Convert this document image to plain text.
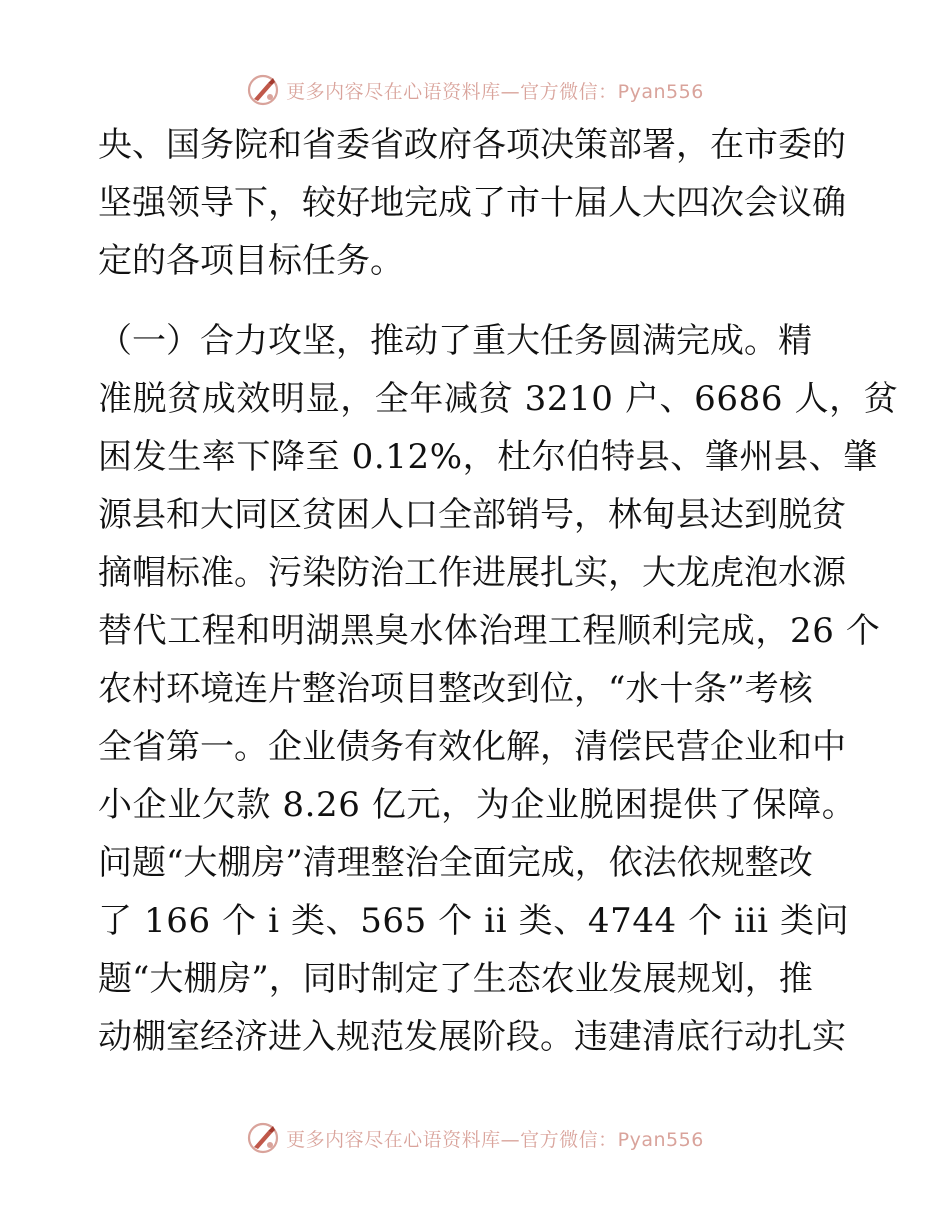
更多内容尽在心语资料库—官方微信：Pyan556
央、国务院和省委省政府各项决策部署，在市委的
坚强领导下，较好地完成了市十届人大四次会议确
定的各项目标任务。
（一）合力攻坚，推动了重大任务圆满完成。精
准脱贫成效明显，全年减贫 3210 户、6686 人，贫
困发生率下降至 0.12%，杜尔伯特县、肇州县、肇
源县和大同区贫困人口全部销号，林甸县达到脱贫
摘帽标准。污染防治工作进展扎实，大龙虎泡水源
替代工程和明湖黑臭水体治理工程顺利完成，26 个
农村环境连片整治项目整改到位，“水十条”考核
全省第一。企业债务有效化解，清偿民营企业和中
小企业欠款 8.26 亿元，为企业脱困提供了保障。
问题“大棚房”清理整治全面完成，依法依规整改
了 166 个 i 类、565 个 ii 类、4744 个 iii 类问
题“大棚房”，同时制定了生态农业发展规划，推
动棚室经济进入规范发展阶段。违建清底行动扎实
更多内容尽在心语资料库—官方微信：Pyan556
